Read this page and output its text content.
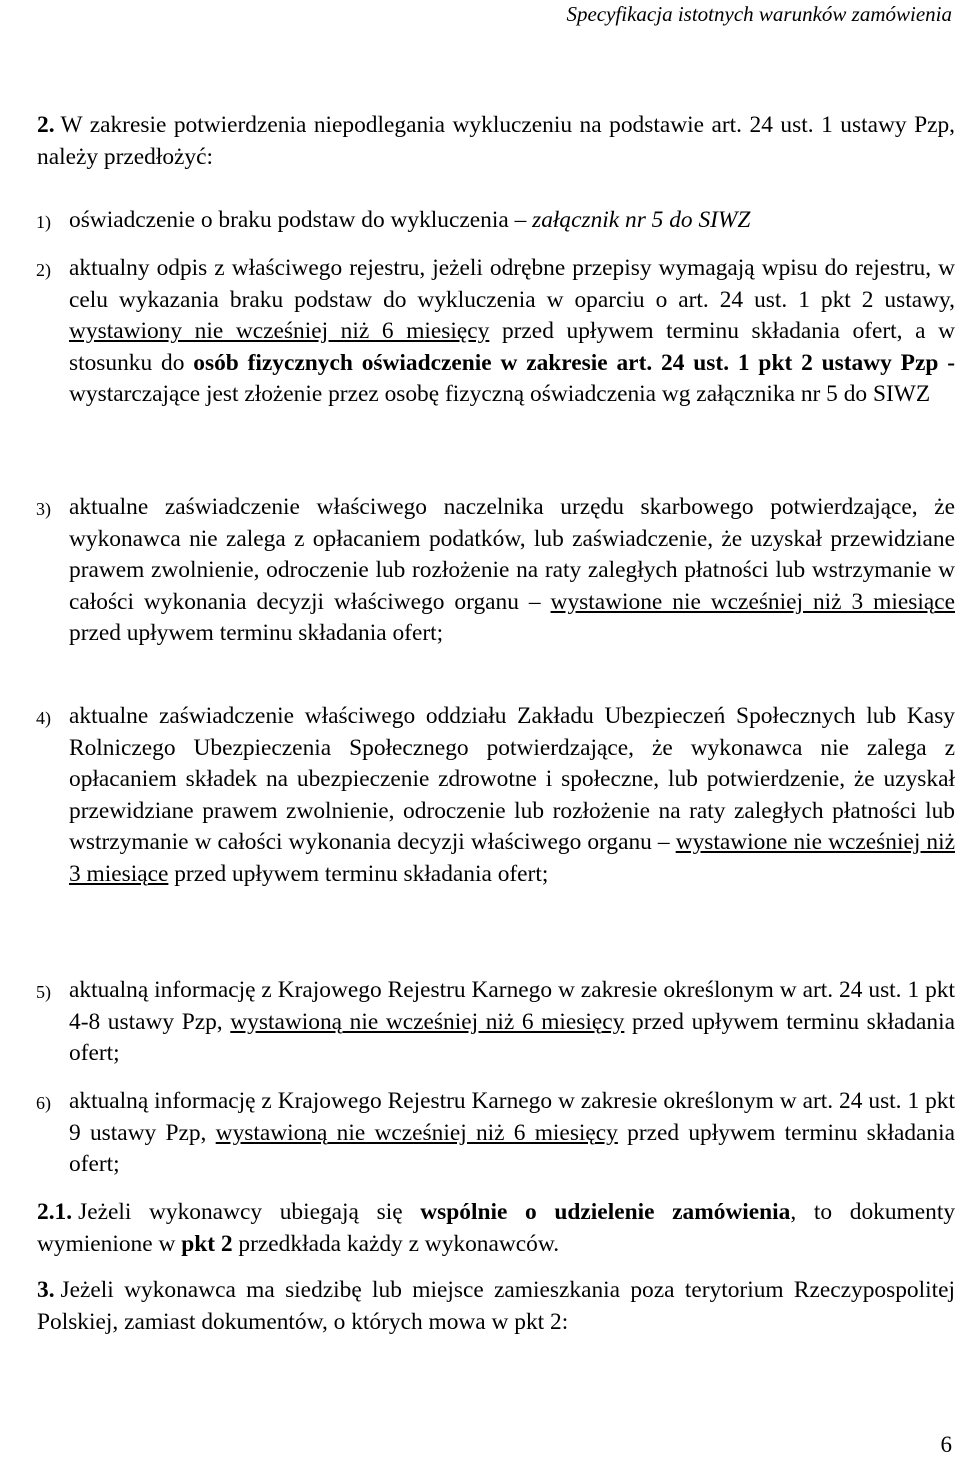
Specyfikacja istotnych warunków zamówienia
2. W zakresie potwierdzenia niepodlegania wykluczeniu na podstawie art. 24 ust. 1 ustawy Pzp, należy przedłożyć:
1) oświadczenie o braku podstaw do wykluczenia – załącznik nr 5 do SIWZ
2) aktualny odpis z właściwego rejestru, jeżeli odrębne przepisy wymagają wpisu do rejestru, w celu wykazania braku podstaw do wykluczenia w oparciu o art. 24 ust. 1 pkt 2 ustawy, wystawiony nie wcześniej niż 6 miesięcy przed upływem terminu składania ofert, a w stosunku do osób fizycznych oświadczenie w zakresie art. 24 ust. 1 pkt 2 ustawy Pzp - wystarczające jest złożenie przez osobę fizyczną oświadczenia wg załącznika nr 5 do SIWZ
3) aktualne zaświadczenie właściwego naczelnika urzędu skarbowego potwierdzające, że wykonawca nie zalega z opłacaniem podatków, lub zaświadczenie, że uzyskał przewidziane prawem zwolnienie, odroczenie lub rozłożenie na raty zaległych płatności lub wstrzymanie w całości wykonania decyzji właściwego organu – wystawione nie wcześniej niż 3 miesiące przed upływem terminu składania ofert;
4) aktualne zaświadczenie właściwego oddziału Zakładu Ubezpieczeń Społecznych lub Kasy Rolniczego Ubezpieczenia Społecznego potwierdzające, że wykonawca nie zalega z opłacaniem składek na ubezpieczenie zdrowotne i społeczne, lub potwierdzenie, że uzyskał przewidziane prawem zwolnienie, odroczenie lub rozłożenie na raty zaległych płatności lub wstrzymanie w całości wykonania decyzji właściwego organu – wystawione nie wcześniej niż 3 miesiące przed upływem terminu składania ofert;
5) aktualną informację z Krajowego Rejestru Karnego w zakresie określonym w art. 24 ust. 1 pkt 4-8 ustawy Pzp, wystawioną nie wcześniej niż 6 miesięcy przed upływem terminu składania ofert;
6) aktualną informację z Krajowego Rejestru Karnego w zakresie określonym w art. 24 ust. 1 pkt 9 ustawy Pzp, wystawioną nie wcześniej niż 6 miesięcy przed upływem terminu składania ofert;
2.1. Jeżeli wykonawcy ubiegają się wspólnie o udzielenie zamówienia, to dokumenty wymienione w pkt 2 przedkłada każdy z wykonawców.
3. Jeżeli wykonawca ma siedzibę lub miejsce zamieszkania poza terytorium Rzeczypospolitej Polskiej, zamiast dokumentów, o których mowa w pkt 2:
6
